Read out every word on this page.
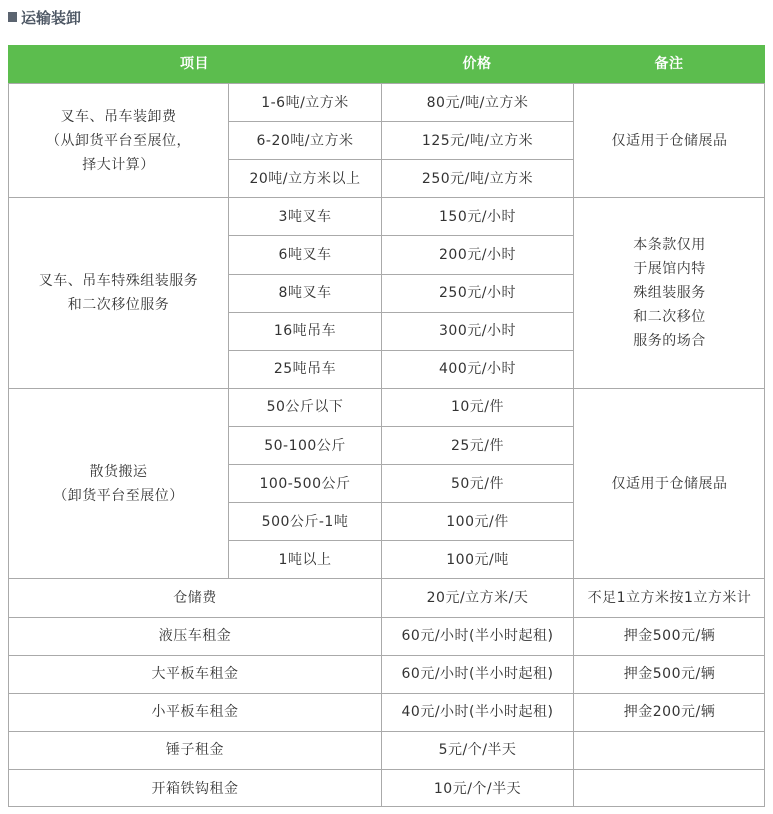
运输装卸
项目	价格	备注
叉车、吊车装卸费
（从卸货平台至展位，
择大计算）
1-6吨/立方米	80元/吨/立方米
6-20吨/立方米	125元/吨/立方米
20吨/立方米以上	250元/吨/立方米
仅适用于仓储展品
叉车、吊车特殊组装服务
和二次移位服务
3吨叉车	150元/小时
6吨叉车	200元/小时
8吨叉车	250元/小时
16吨吊车	300元/小时
25吨吊车	400元/小时
本条款仅用
于展馆内特
殊组装服务
和二次移位
服务的场合
散货搬运
（卸货平台至展位）
50公斤以下	10元/件
50-100公斤	25元/件
100-500公斤	50元/件
500公斤-1吨	100元/件
1吨以上	100元/吨
仅适用于仓储展品
仓储费	20元/立方米/天	不足1立方米按1立方米计
液压车租金	60元/小时(半小时起租)	押金500元/辆
大平板车租金	60元/小时(半小时起租)	押金500元/辆
小平板车租金	40元/小时(半小时起租)	押金200元/辆
锤子租金	5元/个/半天
开箱铁钩租金	10元/个/半天
